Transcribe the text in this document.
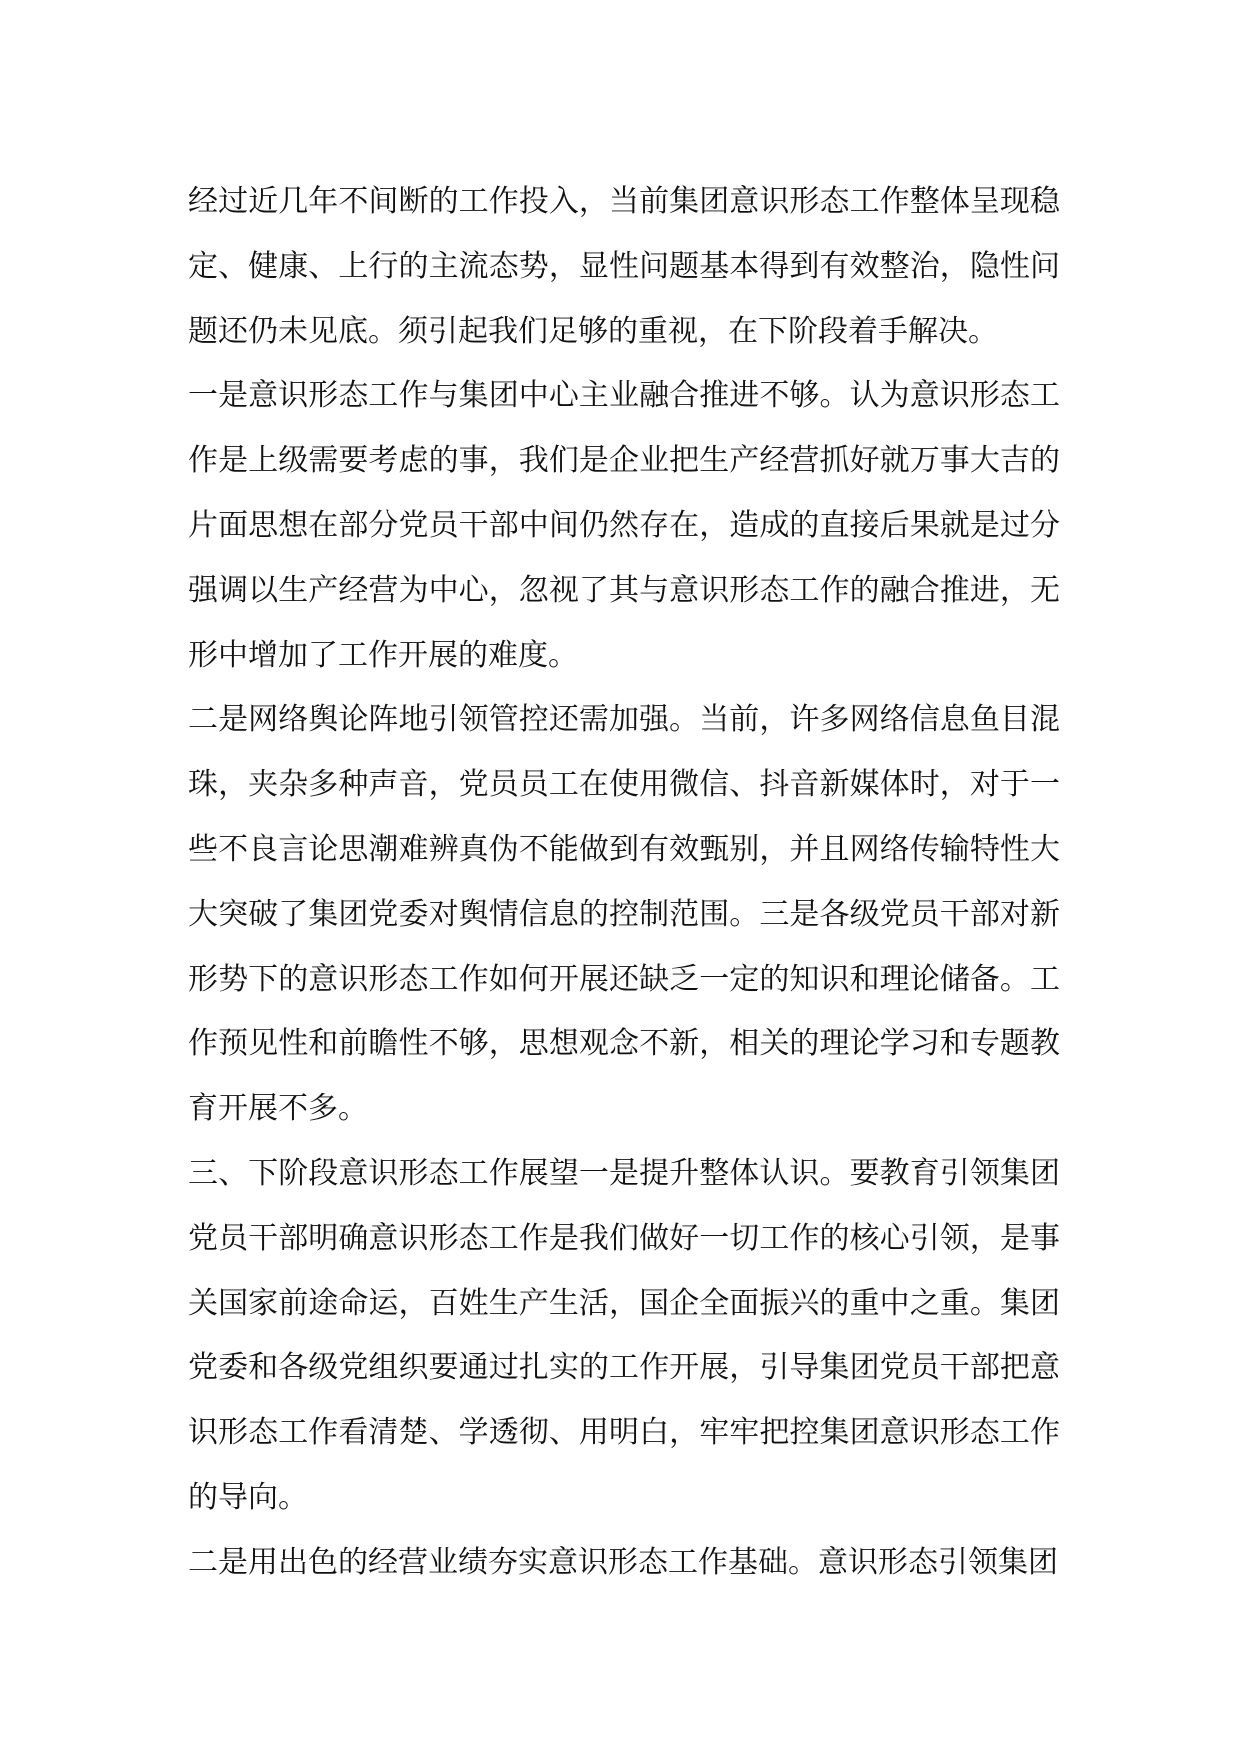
经过近几年不间断的工作投入，当前集团意识形态工作整体呈现稳定、健康、上行的主流态势，显性问题基本得到有效整治，隐性问题还仍未见底。须引起我们足够的重视，在下阶段着手解决。

一是意识形态工作与集团中心主业融合推进不够。认为意识形态工作是上级需要考虑的事，我们是企业把生产经营抓好就万事大吉的片面思想在部分党员干部中间仍然存在，造成的直接后果就是过分强调以生产经营为中心，忽视了其与意识形态工作的融合推进，无形中增加了工作开展的难度。

二是网络舆论阵地引领管控还需加强。当前，许多网络信息鱼目混珠，夹杂多种声音，党员员工在使用微信、抖音新媒体时，对于一些不良言论思潮难辨真伪不能做到有效甄别，并且网络传输特性大大突破了集团党委对舆情信息的控制范围。三是各级党员干部对新形势下的意识形态工作如何开展还缺乏一定的知识和理论储备。工作预见性和前瞻性不够，思想观念不新，相关的理论学习和专题教育开展不多。

三、下阶段意识形态工作展望一是提升整体认识。要教育引领集团党员干部明确意识形态工作是我们做好一切工作的核心引领，是事关国家前途命运，百姓生产生活，国企全面振兴的重中之重。集团党委和各级党组织要通过扎实的工作开展，引导集团党员干部把意识形态工作看清楚、学透彻、用明白，牢牢把控集团意识形态工作的导向。

二是用出色的经营业绩夯实意识形态工作基础。意识形态引领集团
